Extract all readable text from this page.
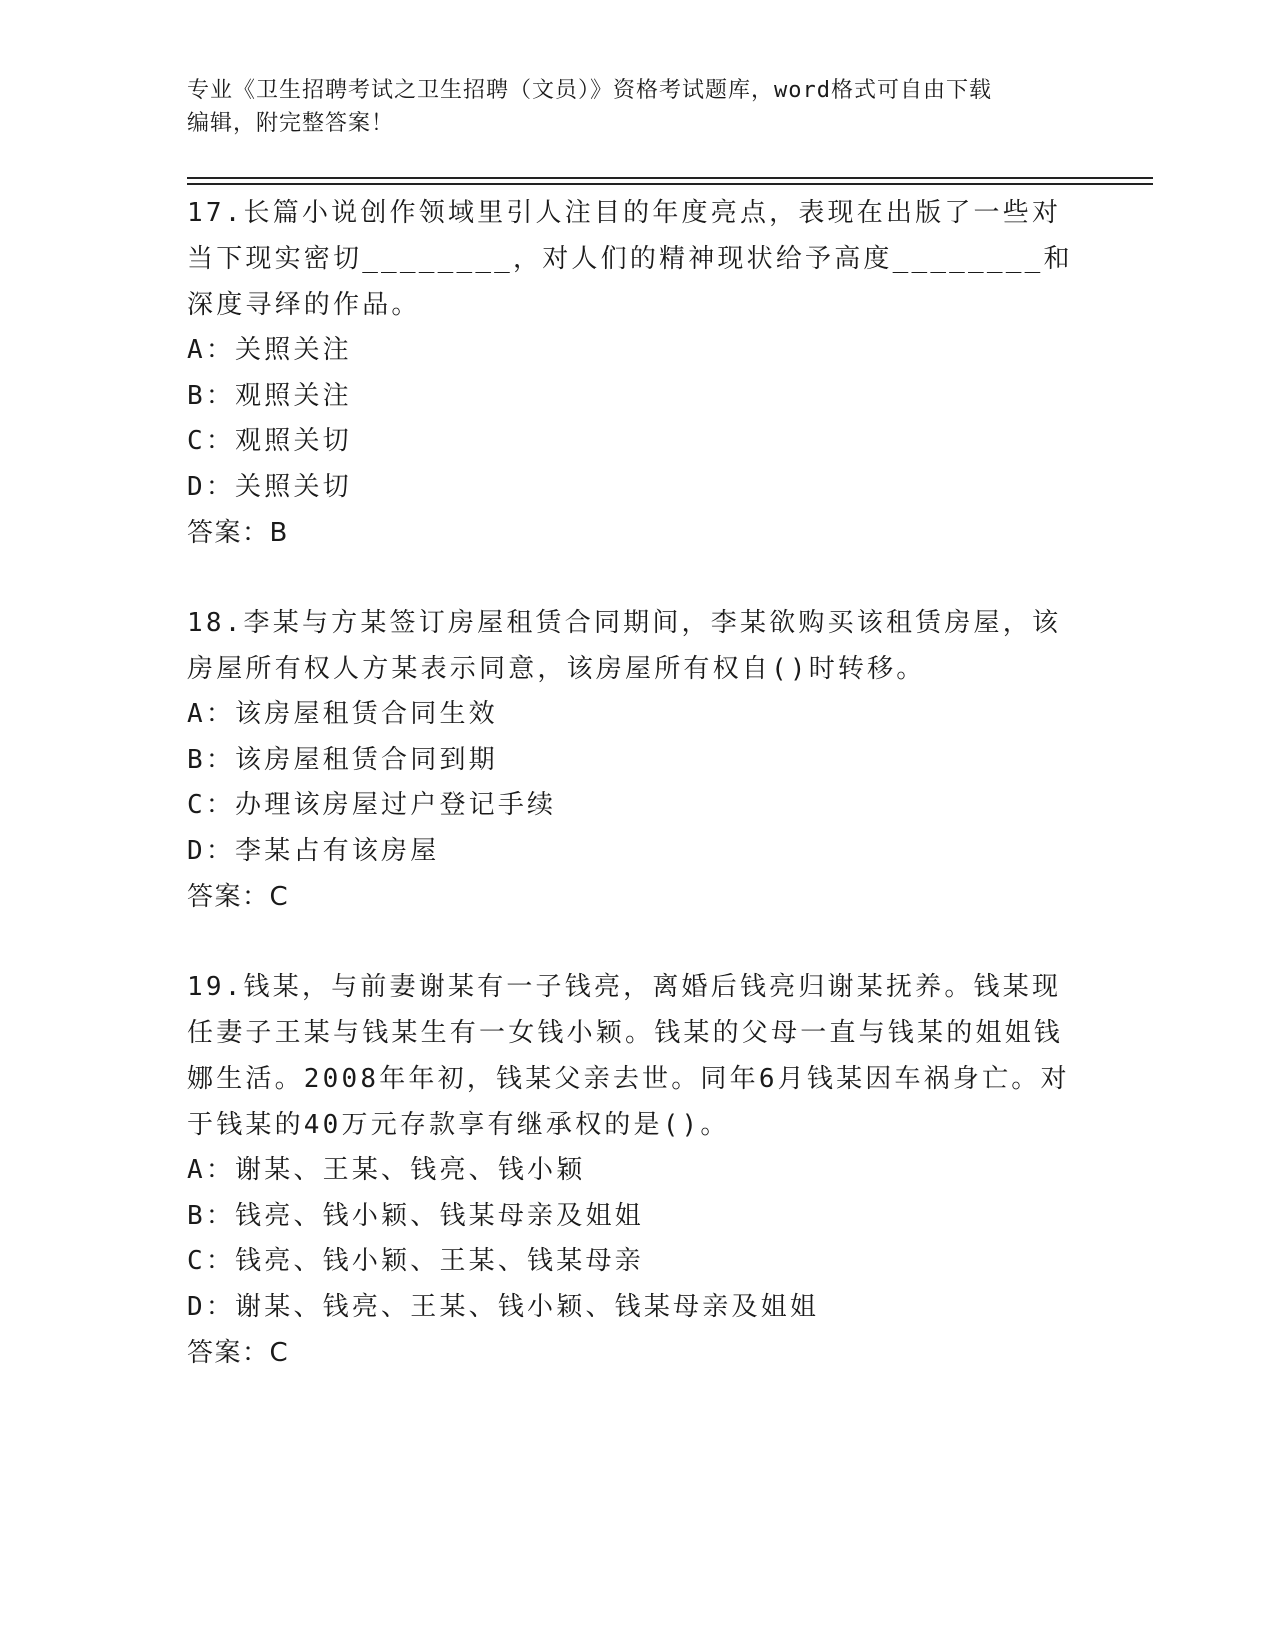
专业《卫生招聘考试之卫生招聘（文员）》资格考试题库，word格式可自由下载
编辑，附完整答案！
17.长篇小说创作领域里引人注目的年度亮点，表现在出版了一些对当下现实密切________，对人们的精神现状给予高度________和深度寻绎的作品。
A：关照关注
B：观照关注
C：观照关切
D：关照关切
答案：B
18.李某与方某签订房屋租赁合同期间，李某欲购买该租赁房屋，该房屋所有权人方某表示同意，该房屋所有权自()时转移。
A：该房屋租赁合同生效
B：该房屋租赁合同到期
C：办理该房屋过户登记手续
D：李某占有该房屋
答案：C
19.钱某，与前妻谢某有一子钱亮，离婚后钱亮归谢某抚养。钱某现任妻子王某与钱某生有一女钱小颖。钱某的父母一直与钱某的姐姐钱娜生活。2008年年初，钱某父亲去世。同年6月钱某因车祸身亡。对于钱某的40万元存款享有继承权的是()。
A：谢某、王某、钱亮、钱小颖
B：钱亮、钱小颖、钱某母亲及姐姐
C：钱亮、钱小颖、王某、钱某母亲
D：谢某、钱亮、王某、钱小颖、钱某母亲及姐姐
答案：C
